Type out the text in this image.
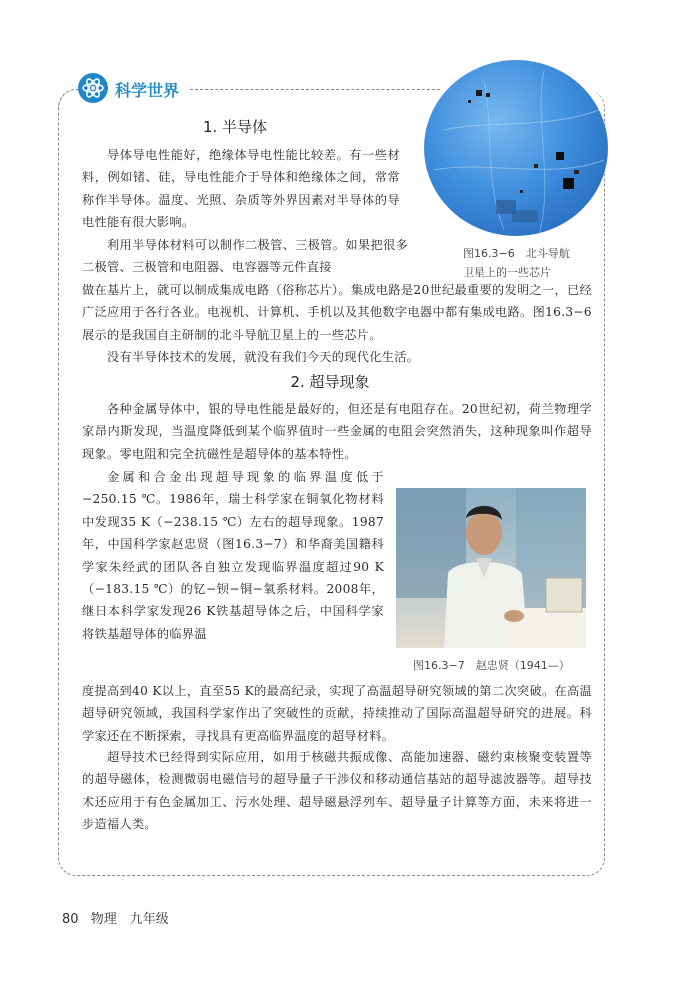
科学世界
图16.3−6　北斗导航
卫星上的一些芯片
1. 半导体
导体导电性能好，绝缘体导电性能比较差。有一些材料，例如锗、硅，导电性能介于导体和绝缘体之间，常常称作半导体。温度、光照、杂质等外界因素对半导体的导电性能有很大影响。
利用半导体材料可以制作二极管、三极管。如果把很多二极管、三极管和电阻器、电容器等元件直接
做在基片上，就可以制成集成电路（俗称芯片）。集成电路是20世纪最重要的发明之一，已经广泛应用于各行各业。电视机、计算机、手机以及其他数字电器中都有集成电路。图16.3−6展示的是我国自主研制的北斗导航卫星上的一些芯片。
没有半导体技术的发展，就没有我们今天的现代化生活。
2. 超导现象
各种金属导体中，银的导电性能是最好的，但还是有电阻存在。20世纪初，荷兰物理学家昂内斯发现，当温度降低到某个临界值时一些金属的电阻会突然消失，这种现象叫作超导现象。零电阻和完全抗磁性是超导体的基本特性。
金属和合金出现超导现象的临界温度低于−250.15 ℃。1986年，瑞士科学家在铜氧化物材料中发现35 K（−238.15 ℃）左右的超导现象。1987年，中国科学家赵忠贤（图16.3−7）和华裔美国籍科学家朱经武的团队各自独立发现临界温度超过90 K（−183.15 ℃）的钇−钡−铜−氧系材料。2008年，继日本科学家发现26 K铁基超导体之后，中国科学家将铁基超导体的临界温
度提高到40 K以上，直至55 K的最高纪录，实现了高温超导研究领域的第二次突破。在高温超导研究领域，我国科学家作出了突破性的贡献，持续推动了国际高温超导研究的进展。科学家还在不断探索，寻找具有更高临界温度的超导材料。
超导技术已经得到实际应用，如用于核磁共振成像、高能加速器、磁约束核聚变装置等的超导磁体，检测微弱电磁信号的超导量子干涉仪和移动通信基站的超导滤波器等。超导技术还应用于有色金属加工、污水处理、超导磁悬浮列车、超导量子计算等方面，未来将进一步造福人类。
图16.3−7　赵忠贤（1941—）
80 物理　九年级
